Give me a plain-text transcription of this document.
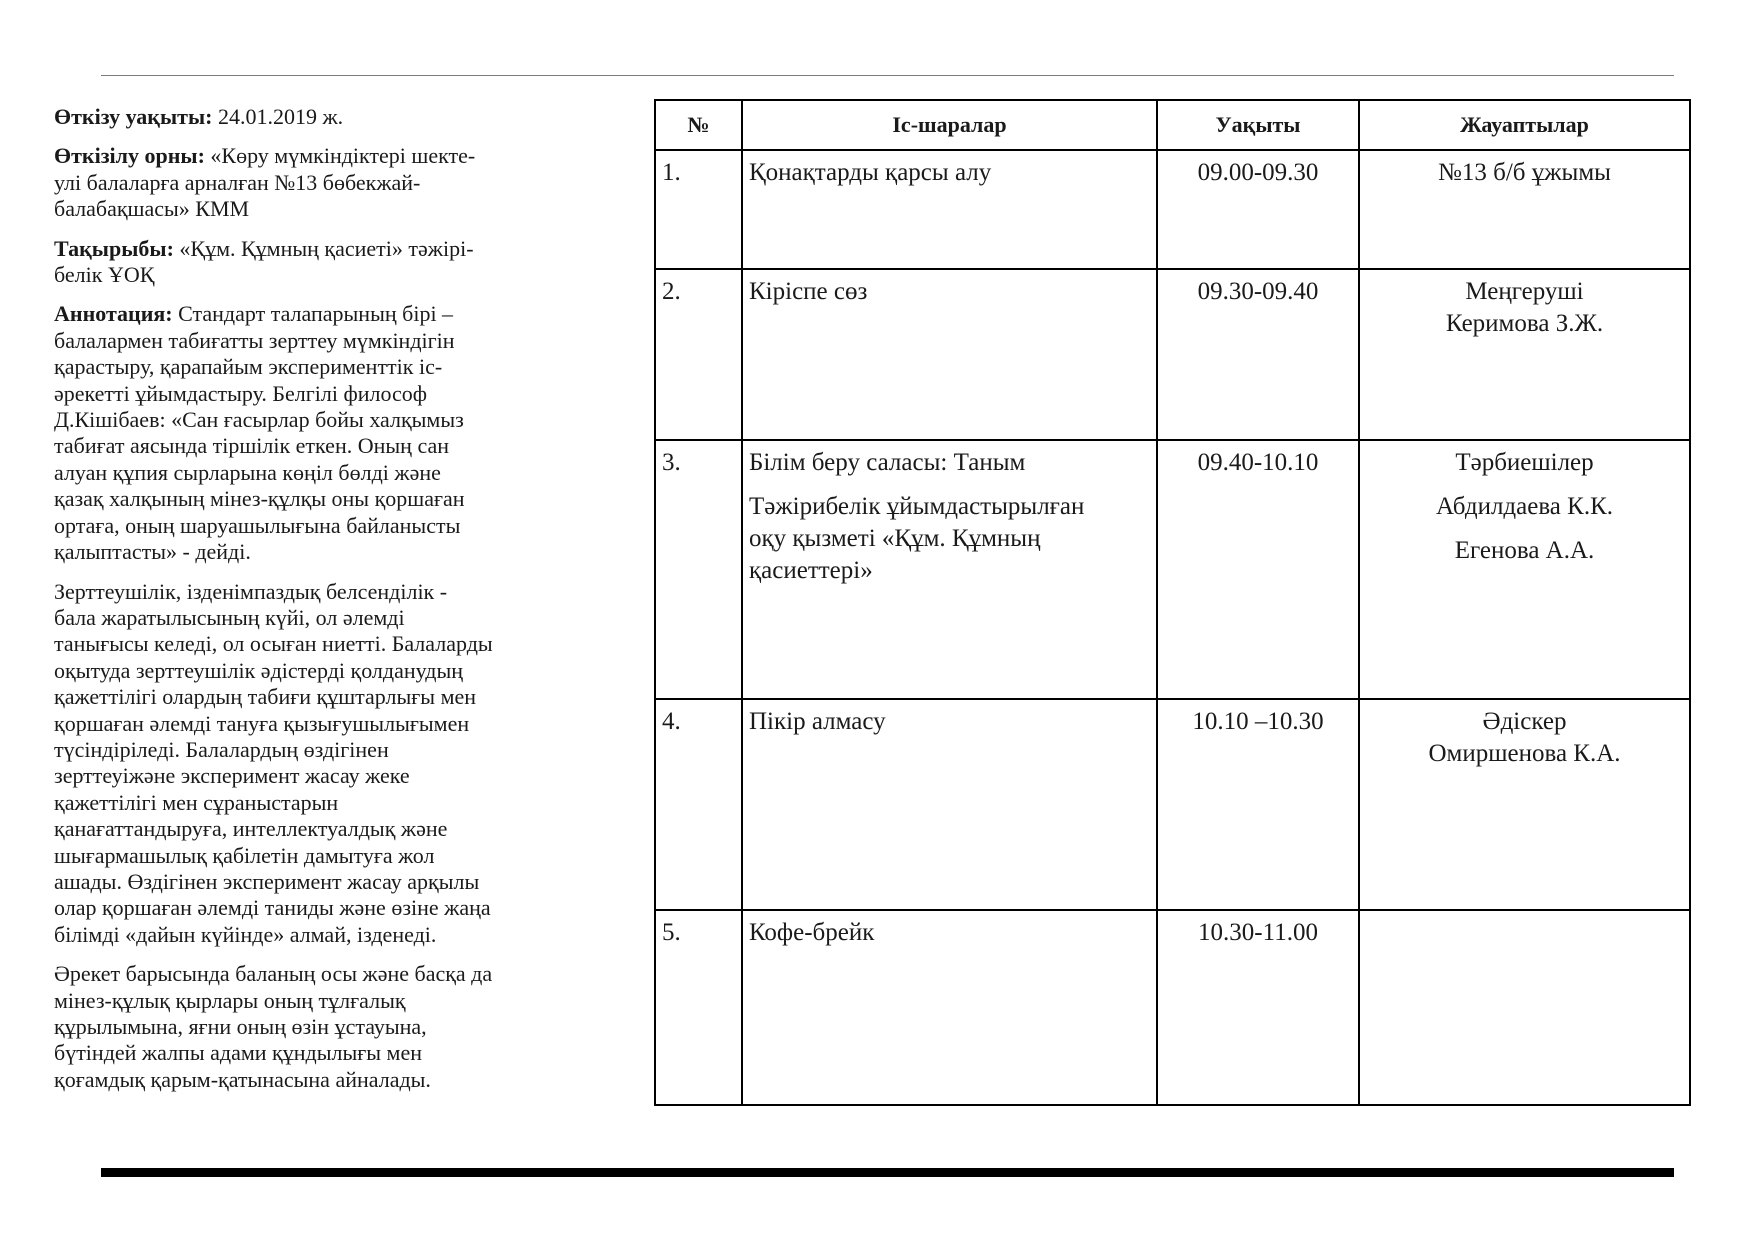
Өткізу уақыты: 24.01.2019 ж.

Өткізілу орны: «Көру мүмкіндіктері шекте-
улі балаларға арналған №13 бөбекжай-
балабақшасы» КММ

Тақырыбы: «Құм. Құмның қасиеті» тәжірі-
белік ҰОҚ

Аннотация: Стандарт талапарының бірі –
балалармен табиғатты зерттеу мүмкіндігін
қарастыру, қарапайым эксперименттік іс-
әрекетті ұйымдастыру. Белгілі философ
Д.Кішібаев: «Сан ғасырлар бойы халқымыз
табиғат аясында тіршілік еткен. Оның сан
алуан құпия сырларына көңіл бөлді және
қазақ халқының мінез-құлқы оны қоршаған
ортаға, оның шаруашылығына байланысты
қалыптасты» - дейді.

Зерттеушілік, ізденімпаздық белсенділік -
бала жаратылысының күйі, ол әлемді
танығысы келеді, ол осыған ниетті. Балаларды
оқытуда зерттеушілік әдістерді қолданудың
қажеттілігі олардың табиғи құштарлығы мен
қоршаған әлемді тануға қызығушылығымен
түсіндіріледі. Балалардың өздігінен
зерттеуіжәне эксперимент жасау жеке
қажеттілігі мен сұраныстарын
қанағаттандыруға, интеллектуалдық және
шығармашылық қабілетін дамытуға жол
ашады. Өздігінен эксперимент жасау арқылы
олар қоршаған әлемді таниды және өзіне жаңа
білімді «дайын күйінде» алмай, ізденеді.

Әрекет барысында баланың осы және басқа да
мінез-құлық қырлары оның тұлғалық
құрылымына, яғни оның өзін ұстауына,
бүтіндей жалпы адами құндылығы мен
қоғамдық қарым-қатынасына айналады.

№	Іс-шаралар	Уақыты	Жауаптылар
1.	Қонақтарды қарсы алу	09.00-09.30	№13 б/б ұжымы
2.	Кіріспе сөз	09.30-09.40	Меңгеруші
Керимова З.Ж.

3.	Білім беру саласы: Таным
Тәжірибелік ұйымдастырылған
оқу қызметі «Құм. Құмның
қасиеттері»	09.40-10.10	Тәрбиешілер
Абдилдаева К.К.
Егенова А.А.

4.	Пікір алмасу	10.10 –10.30	Әдіскер
Омиршенова К.А.

5.	Кофе-брейк	10.30-11.00	
